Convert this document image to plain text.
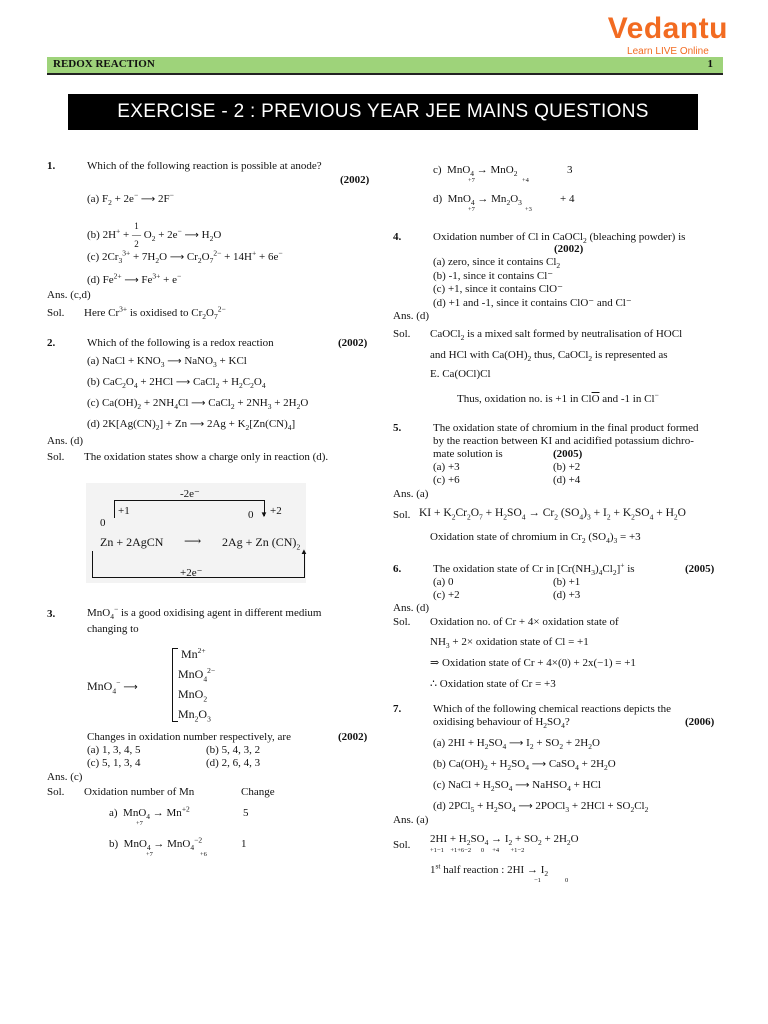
Vedantu
Learn LIVE Online
REDOX REACTION	1
EXERCISE - 2 : PREVIOUS YEAR JEE MAINS QUESTIONS
1.	Which of the following reaction is possible at anode?
(2002)
(a) $F_2 + 2e^-$ ⟶ 2F−
(b) 2H+ + 1
―
2 $O_2 + 2e^-$ ⟶ $H_2O$
(c) $2Cr_3^{3+} + 7H_2O$ ⟶ $Cr_2O_7^{2-} + 14H^+ + 6e^-$
(d) $Fe^{2+}$ ⟶ $Fe^{3+} + e^-$
Ans. (c,d)
Sol. Here $Cr^{3+}$ is oxidised to $Cr_2O_7^{2-}$
2.	Which of the following is a redox reaction	(2002)
(a) NaCl + $KNO_3$ ⟶ NaNO$_3$ + KCl
(b) $CaC_2O_4 + 2HCl$ ⟶ CaCl$_2$ + $H_2C_2O_4$
(c) $Ca(OH)_2 + 2NH_4Cl$ ⟶ CaCl$_2$ + $2NH_3 + 2H_2O$
(d) $2K[Ag(CN)_2] + Zn$ ⟶ $2Ag + K_2[Zn(CN)_4]$
Ans. (d)
Sol. The oxidation states show a charge only in reaction (d).
-2e⁻
▼
+1
0
0 +2
Zn + 2AgCN ⟶ 2Ag + Zn $(CN)_2$
▲
+2e⁻
3.	MnO$_4$− is a good oxidising agent in different medium
changing to
MnO$_4$− ⟶
$Mn^{2+}$
MnO$_4^{2-}$
MnO$_2$
$Mn_2O_3$
Changes in oxidation number respectively, are	(2002)
(a) 1, 3, 4, 5	(b) 5, 4, 3, 2
(c) 5, 1, 3, 4	(d) 2, 6, 4, 3
Ans. (c)
Sol. Oxidation number of Mn	Change
a)  $MnO_4 \to Mn^{+2}$
+7
5
b)  MnO$_4$ → MnO$_4^{-2}$
+7	+6
1
c)  MnO$_4$ → MnO$_2$
+7	+4
3
d)  $MnO_4 \to Mn_2O_3$
+7	+3
+ 4
4.	Oxidation number of Cl in CaOCl$_2$ (bleaching powder) is
(2002)
(a) zero, since it contains $Cl_2$
(b) -1, since it contains Cl⁻
(c) +1, since it contains ClO⁻
(d) +1 and -1, since it contains ClO⁻ and Cl⁻
Ans. (d)
Sol. CaOCl$_2$ is a mixed salt formed by neutralisation of HOCl
and HCl with $Ca(OH)_2$ thus, CaOCl$_2$ is represented as
E. Ca(OCl)Cl
Thus, oxidation no. is +1 in $Cl\overline{O}$ and -1 in Cl−
5.	The oxidation state of chromium in the final product formed
by the reaction between KI and acidified potassium dichro-
mate solution is	(2005)
(a) +3	(b) +2
(c) +6	(d) +4
Ans. (a)
Sol. KI + $K_2Cr_2O_7 + H_2SO_4 \to Cr_2$ $(SO_4)_3 + I_2 + K_2SO_4 + H_2O$
Oxidation state of chromium in $Cr_2$ $(SO_4)_3 = +3$
6.	The oxidation state of Cr in $[Cr(NH_3)_4Cl_2]^+$ is	(2005)
(a) 0	(b) +1
(c) +2	(d) +3
Ans. (d)
Sol. Oxidation no. of Cr + 4× oxidation state of
$NH_3 + 2\times$ oxidation state of Cl = +1
⇒ Oxidation state of Cr + 4×(0) + 2x(−1) = +1
∴ Oxidation state of Cr = +3
7.	Which of the following chemical reactions depicts the
oxidising behaviour of $H_2SO_4$?	(2006)
(a) $2HI + H_2SO_4$ ⟶ $I_2 + SO_2 + 2H_2O$
(b) $Ca(OH)_2 + H_2SO_4$ ⟶ CaSO$_4$ + $2H_2O$
(c) NaCl + $H_2SO_4$ ⟶ NaHSO$_4$ + HCl
(d) $2PCl_5 + H_2SO_4$ ⟶ 2POCl$_3$ + $2HCl + SO_2Cl_2$
Ans. (a)
Sol. $2HI + H_2SO_4 \to I_2 + SO_2 + 2H_2O$
+1−1    +1+6−2      0     +4       +1−2
1st half reaction : $2HI \to I_2$
−1	0
